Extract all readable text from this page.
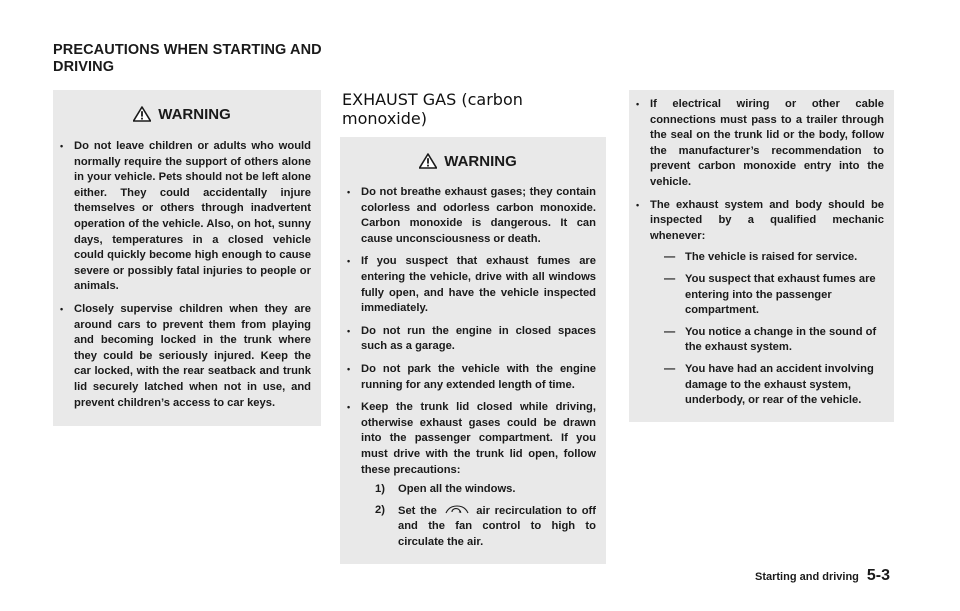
PRECAUTIONS WHEN STARTING AND
DRIVING
WARNING
• Do not leave children or adults who would normally require the support of others alone in your vehicle. Pets should not be left alone either. They could accidentally injure themselves or others through inadvertent operation of the vehicle. Also, on hot, sunny days, temperatures in a closed vehicle could quickly become high enough to cause severe or possibly fatal injuries to people or animals.
• Closely supervise children when they are around cars to prevent them from playing and becoming locked in the trunk where they could be seriously injured. Keep the car locked, with the rear seatback and trunk lid securely latched when not in use, and prevent children’s access to car keys.
EXHAUST GAS (carbon monoxide)
WARNING
• Do not breathe exhaust gases; they contain colorless and odorless carbon monoxide. Carbon monoxide is dangerous. It can cause unconsciousness or death.
• If you suspect that exhaust fumes are entering the vehicle, drive with all windows fully open, and have the vehicle inspected immediately.
• Do not run the engine in closed spaces such as a garage.
• Do not park the vehicle with the engine running for any extended length of time.
• Keep the trunk lid closed while driving, otherwise exhaust gases could be drawn into the passenger compartment. If you must drive with the trunk lid open, follow these precautions:
1) Open all the windows.
2) Set the	air recirculation to off and the fan control to high to circulate the air.
• If electrical wiring or other cable connections must pass to a trailer through the seal on the trunk lid or the body, follow the manufacturer’s recommendation to prevent carbon monoxide entry into the vehicle.
• The exhaust system and body should be inspected by a qualified mechanic whenever:
— The vehicle is raised for service.
— You suspect that exhaust fumes are entering into the passenger compartment.
— You notice a change in the sound of the exhaust system.
— You have had an accident involving damage to the exhaust system, underbody, or rear of the vehicle.
Starting and driving 5-3
